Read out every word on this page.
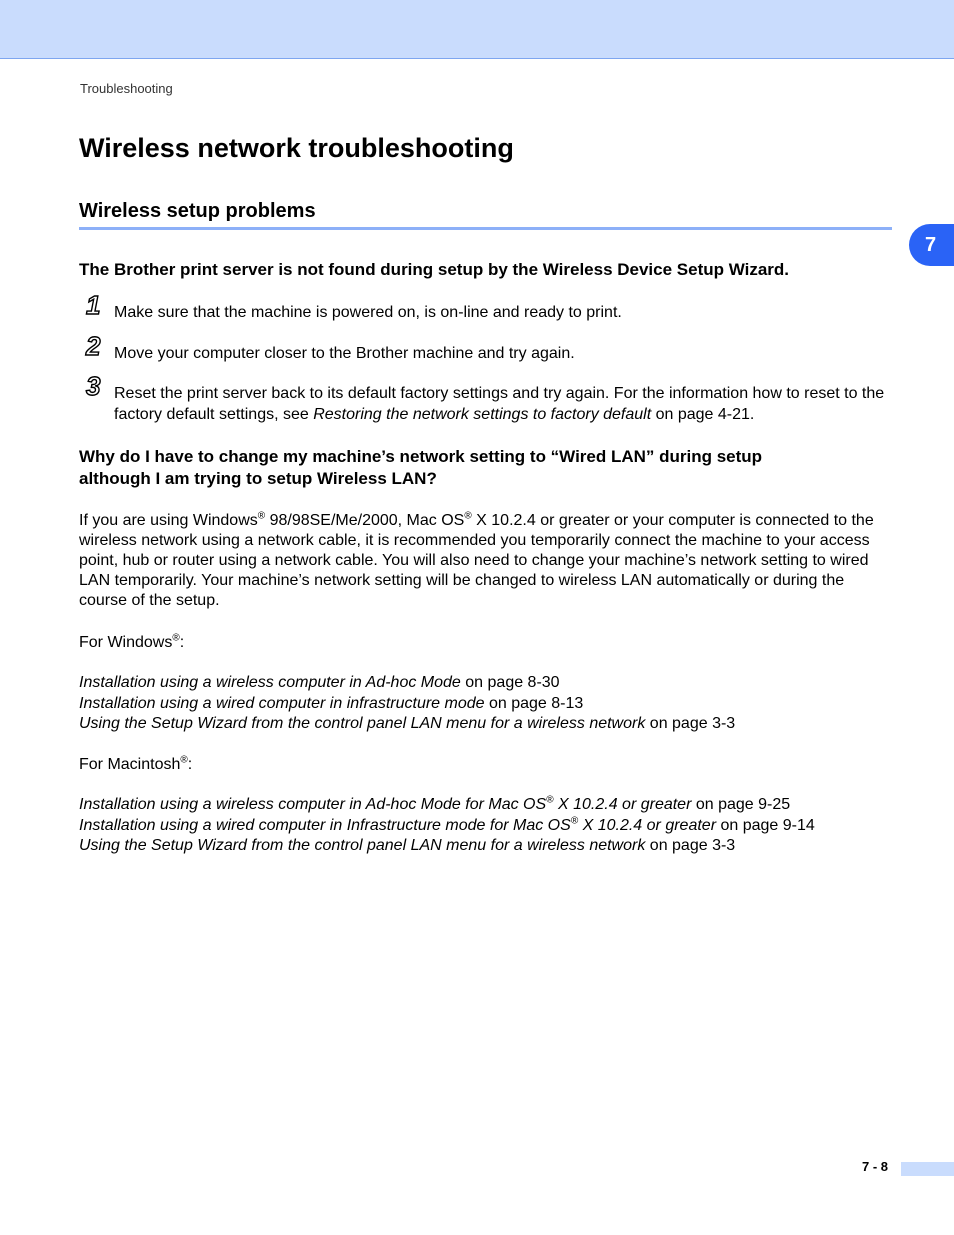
Troubleshooting
Wireless network troubleshooting
Wireless setup problems
7
The Brother print server is not found during setup by the Wireless Device Setup Wizard.
1 Make sure that the machine is powered on, is on-line and ready to print.
2 Move your computer closer to the Brother machine and try again.
3 Reset the print server back to its default factory settings and try again. For the information how to reset to the factory default settings, see Restoring the network settings to factory default on page 4-21.
Why do I have to change my machine’s network setting to “Wired LAN” during setup
although I am trying to setup Wireless LAN?
If you are using Windows® 98/98SE/Me/2000, Mac OS® X 10.2.4 or greater or your computer is connected to the wireless network using a network cable, it is recommended you temporarily connect the machine to your access point, hub or router using a network cable. You will also need to change your machine’s network setting to wired LAN temporarily. Your machine’s network setting will be changed to wireless LAN automatically or during the course of the setup.
For Windows®:
Installation using a wireless computer in Ad-hoc Mode on page 8-30
Installation using a wired computer in infrastructure mode on page 8-13
Using the Setup Wizard from the control panel LAN menu for a wireless network on page 3-3
For Macintosh®:
Installation using a wireless computer in Ad-hoc Mode for Mac OS® X 10.2.4 or greater on page 9-25
Installation using a wired computer in Infrastructure mode for Mac OS® X 10.2.4 or greater on page 9-14
Using the Setup Wizard from the control panel LAN menu for a wireless network on page 3-3
7 - 8
